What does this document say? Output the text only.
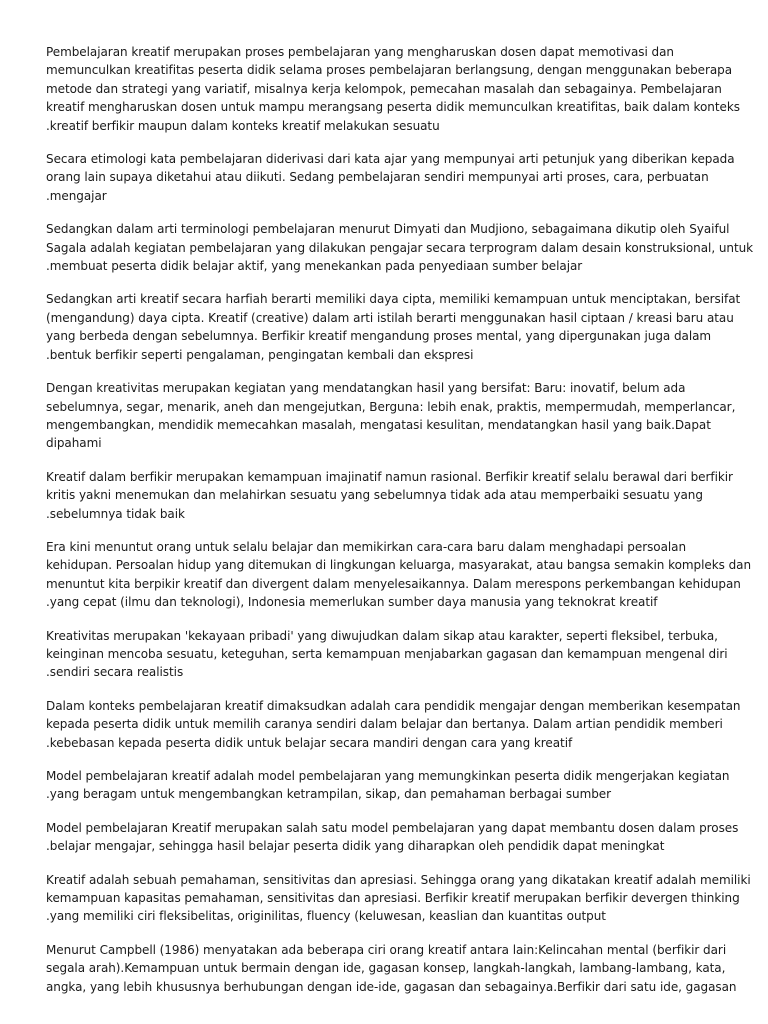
Pembelajaran kreatif merupakan proses pembelajaran yang mengharuskan dosen dapat memotivasi dan
memunculkan kreatifitas peserta didik selama proses pembelajaran berlangsung, dengan menggunakan beberapa
metode dan strategi yang variatif, misalnya kerja kelompok, pemecahan masalah dan sebagainya. Pembelajaran
kreatif mengharuskan dosen untuk mampu merangsang peserta didik memunculkan kreatifitas, baik dalam konteks
.kreatif berfikir maupun dalam konteks kreatif melakukan sesuatu
Secara etimologi kata pembelajaran diderivasi dari kata ajar yang mempunyai arti petunjuk yang diberikan kepada
orang lain supaya diketahui atau diikuti. Sedang pembelajaran sendiri mempunyai arti proses, cara, perbuatan
.mengajar
Sedangkan dalam arti terminologi pembelajaran menurut Dimyati dan Mudjiono, sebagaimana dikutip oleh Syaiful
Sagala adalah kegiatan pembelajaran yang dilakukan pengajar secara terprogram dalam desain konstruksional, untuk
.membuat peserta didik belajar aktif, yang menekankan pada penyediaan sumber belajar
Sedangkan arti kreatif secara harfiah berarti memiliki daya cipta, memiliki kemampuan untuk menciptakan, bersifat
(mengandung) daya cipta. Kreatif (creative) dalam arti istilah berarti menggunakan hasil ciptaan / kreasi baru atau
yang berbeda dengan sebelumnya. Berfikir kreatif mengandung proses mental, yang dipergunakan juga dalam
.bentuk berfikir seperti pengalaman, pengingatan kembali dan ekspresi
Dengan kreativitas merupakan kegiatan yang mendatangkan hasil yang bersifat: Baru: inovatif, belum ada
sebelumnya, segar, menarik, aneh dan mengejutkan, Berguna: lebih enak, praktis, mempermudah, memperlancar,
mengembangkan, mendidik memecahkan masalah, mengatasi kesulitan, mendatangkan hasil yang baik.Dapat
dipahami
Kreatif dalam berfikir merupakan kemampuan imajinatif namun rasional. Berfikir kreatif selalu berawal dari berfikir
kritis yakni menemukan dan melahirkan sesuatu yang sebelumnya tidak ada atau memperbaiki sesuatu yang
.sebelumnya tidak baik
Era kini menuntut orang untuk selalu belajar dan memikirkan cara-cara baru dalam menghadapi persoalan
kehidupan. Persoalan hidup yang ditemukan di lingkungan keluarga, masyarakat, atau bangsa semakin kompleks dan
menuntut kita berpikir kreatif dan divergent dalam menyelesaikannya. Dalam merespons perkembangan kehidupan
.yang cepat (ilmu dan teknologi), Indonesia memerlukan sumber daya manusia yang teknokrat kreatif
Kreativitas merupakan 'kekayaan pribadi' yang diwujudkan dalam sikap atau karakter, seperti fleksibel, terbuka,
keinginan mencoba sesuatu, keteguhan, serta kemampuan menjabarkan gagasan dan kemampuan mengenal diri
.sendiri secara realistis
Dalam konteks pembelajaran kreatif dimaksudkan adalah cara pendidik mengajar dengan memberikan kesempatan
kepada peserta didik untuk memilih caranya sendiri dalam belajar dan bertanya. Dalam artian pendidik memberi
.kebebasan kepada peserta didik untuk belajar secara mandiri dengan cara yang kreatif
Model pembelajaran kreatif adalah model pembelajaran yang memungkinkan peserta didik mengerjakan kegiatan
.yang beragam untuk mengembangkan ketrampilan, sikap, dan pemahaman berbagai sumber
Model pembelajaran Kreatif merupakan salah satu model pembelajaran yang dapat membantu dosen dalam proses
.belajar mengajar, sehingga hasil belajar peserta didik yang diharapkan oleh pendidik dapat meningkat
Kreatif adalah sebuah pemahaman, sensitivitas dan apresiasi. Sehingga orang yang dikatakan kreatif adalah memiliki
kemampuan kapasitas pemahaman, sensitivitas dan apresiasi. Berfikir kreatif merupakan berfikir devergen thinking
.yang memiliki ciri fleksibelitas, originilitas, fluency (keluwesan, keaslian dan kuantitas output
Menurut Campbell (1986) menyatakan ada beberapa ciri orang kreatif antara lain:Kelincahan mental (berfikir dari
segala arah).Kemampuan untuk bermain dengan ide, gagasan konsep, langkah-langkah, lambang-lambang, kata,
angka, yang lebih khususnya berhubungan dengan ide-ide, gagasan dan sebagainya.Berfikir dari satu ide, gagasan
